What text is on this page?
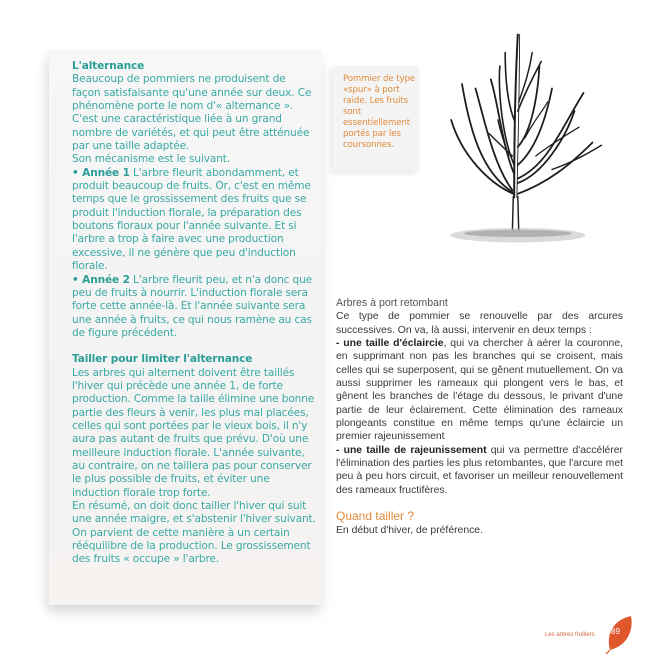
L'alternance

Beaucoup de pommiers ne produisent de façon satisfaisante qu'une année sur deux. Ce phénomène porte le nom d'« alternance ». C'est une caractéristique liée à un grand nombre de variétés, et qui peut être atténuée par une taille adaptée.

Son mécanisme est le suivant.

• Année 1 L'arbre fleurit abondamment, et produit beaucoup de fruits. Or, c'est en même temps que le grossissement des fruits que se produit l'induction florale, la préparation des boutons floraux pour l'année suivante. Et si l'arbre a trop à faire avec une production excessive, il ne génère que peu d'induction florale.

• Année 2 L'arbre fleurit peu, et n'a donc que peu de fruits à nourrir. L'induction florale sera forte cette année-là. Et l'année suivante sera une année à fruits, ce qui nous ramène au cas de figure précédent.

Tailler pour limiter l'alternance

Les arbres qui alternent doivent être taillés l'hiver qui précède une année 1, de forte production. Comme la taille élimine une bonne partie des fleurs à venir, les plus mal placées, celles qui sont portées par le vieux bois, il n'y aura pas autant de fruits que prévu. D'où une meilleure induction florale. L'année suivante, au contraire, on ne taillera pas pour conserver le plus possible de fruits, et éviter une induction florale trop forte.

En résumé, on doit donc tailler l'hiver qui suit une année maigre, et s'abstenir l'hiver suivant. On parvient de cette manière à un certain rééquilibre de la production. Le grossissement des fruits « occupe » l'arbre.

Pommier de type «spur» à port raide. Les fruits sont essentiellement portés par les coursonnes.

Arbres à port retombant

Ce type de pommier se renouvelle par des arcures successives. On va, là aussi, intervenir en deux temps :

- une taille d'éclaircie, qui va chercher à aérer la couronne, en supprimant non pas les branches qui se croisent, mais celles qui se superposent, qui se gênent mutuellement. On va aussi supprimer les rameaux qui plongent vers le bas, et gênent les branches de l'étage du dessous, le privant d'une partie de leur éclairement. Cette élimination des rameaux plongeants constitue en même temps qu'une éclaircie un premier rajeunissement

- une taille de rajeunissement qui va permettre d'accélérer l'élimination des parties les plus retombantes, que l'arcure met peu à peu hors circuit, et favoriser un meilleur renouvellement des rameaux fructifères.

Quand tailler ?

En début d'hiver, de préférence.

Les arbres fruitiers 89
